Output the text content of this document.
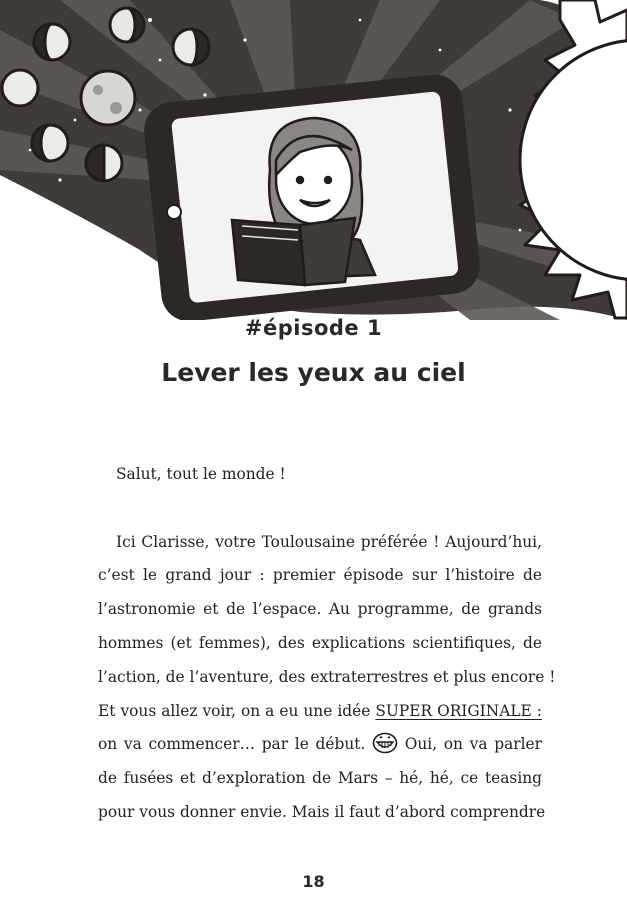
#épisode 1
Lever les yeux au ciel

Salut, tout le monde !

Ici Clarisse, votre Toulousaine préférée ! Aujourd’hui,
c’est le grand jour : premier épisode sur l’histoire de
l’astronomie et de l’espace. Au programme, de grands
hommes (et femmes), des explications scientifiques, de
l’action, de l’aventure, des extraterrestres et plus encore !
Et vous allez voir, on a eu une idée SUPER ORIGINALE :
on va commencer… par le début.	Oui, on va parler
de fusées et d’exploration de Mars – hé, hé, ce teasing
pour vous donner envie. Mais il faut d’abord comprendre

18
